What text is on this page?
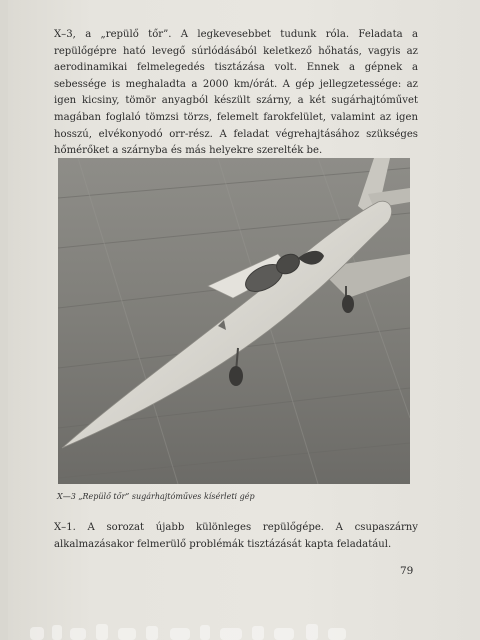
X–3, a „repülő tőr”. A legkevesebbet tudunk róla. Feladata a repülőgépre ható levegő súrlódásából keletkező hőhatás, vagyis az aerodinamikai felmelegedés tisztázása volt. Ennek a gépnek a sebessége is meghaladta a 2000 km/órát. A gép jellegzetessége: az igen kicsiny, tömör anyagból készült szárny, a két sugárhajtóművet magában foglaló tömzsi törzs, felemelt farokfelület, valamint az igen hosszú, elvékonyodó orr-rész. A feladat végrehajtásához szükséges hőmérőket a szárnyba és más helyekre szerelték be.

X—3 „Repülő tőr” sugárhajtóműves kísérleti gép

X–1. A sorozat újabb különleges repülőgépe. A csupaszárny alkalmazásakor felmerülő problémák tisztázását kapta feladatául.

79
